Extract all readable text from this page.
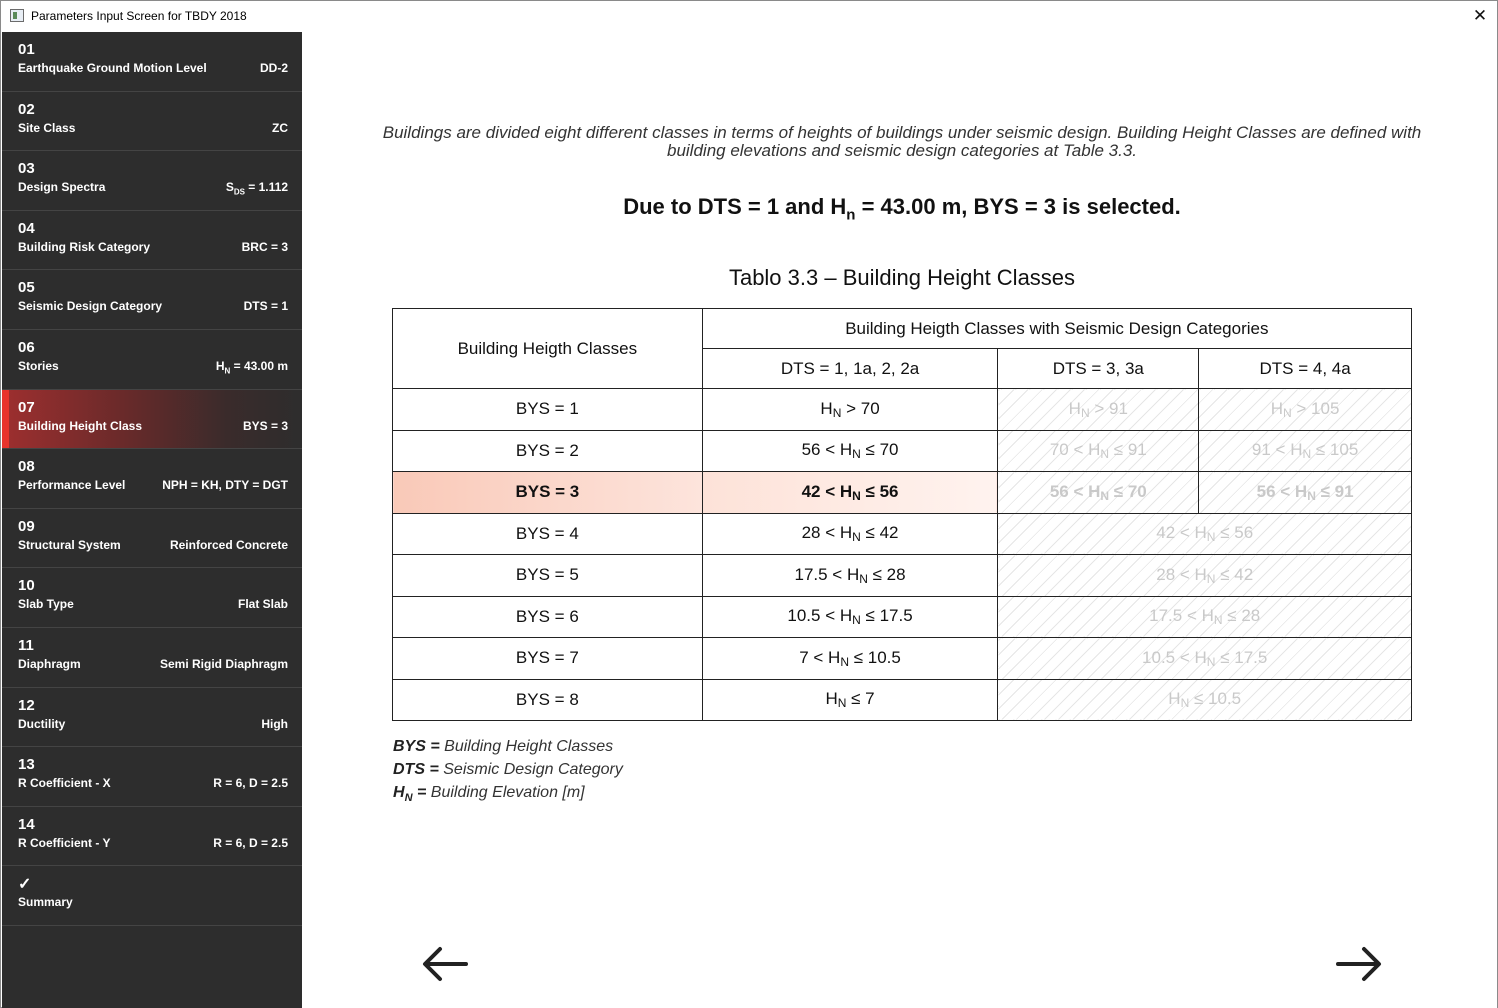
Parameters Input Screen for TBDY 2018	✕
01
Earthquake Ground Motion Level	DD-2
02
Site Class	ZC
03
Design Spectra	$S_{DS} = 1.112$
04
Building Risk Category	BRC = 3
05
Seismic Design Category	DTS = 1
06
Stories	$H_N = 43.00$ m
07
Building Height Class	BYS = 3
08
Performance Level	NPH = KH, DTY = DGT
09
Structural System	Reinforced Concrete
10
Slab Type	Flat Slab
11
Diaphragm	Semi Rigid Diaphragm
12
Ductility	High
13
R Coefficient - X	R = 6, D = 2.5
14
R Coefficient - Y	R = 6, D = 2.5
✓
Summary
Buildings are divided eight different classes in terms of heights of buildings under seismic design. Building Height Classes are defined with building elevations and seismic design categories at Table 3.3.
Due to DTS = 1 and $H_n = 43.00$ m, BYS = 3 is selected.
Tablo 3.3 – Building Height Classes
Building Heigth Classes	Building Heigth Classes with Seismic Design Categories		
	DTS = 1, 1a, 2, 2a	DTS = 3, 3a	DTS = 4, 4a
BYS = 1	$H_N > 70$	$H_N > 91$	$H_N > 105$
BYS = 2	$56 < H_N \le 70$	$70 < H_N \le 91$	$91 < H_N \le 105$
BYS = 3	$42 < H_N \le 56$	$56 < H_N \le 70$	$56 < H_N \le 91$
BYS = 4	$28 < H_N \le 42$	$42 < H_N \le 56$	
BYS = 5	$17.5 < H_N \le 28$	$28 < H_N \le 42$	
BYS = 6	$10.5 < H_N \le 17.5$	$17.5 < H_N \le 28$	
BYS = 7	$7 < H_N \le 10.5$	$10.5 < H_N \le 17.5$	
BYS = 8	$H_N \le 7$	$H_N \le 10.5$	
BYS = Building Height Classes
DTS = Seismic Design Category
$H_N$ = Building Elevation [m]
